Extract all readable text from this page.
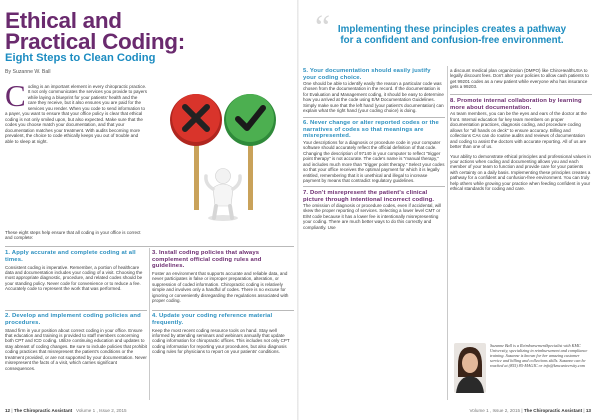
Ethical and
Practical Coding:
Eight Steps to Clean Coding
By Suzanne W. Ball
Coding is an important element in every chiropractic practice. It not only communicates the services you provide to payers while laying a blueprint for your patients' health and the care they receive, but it also ensures you are paid for the services you render. When you code to send information to a payer, you want to ensure that your office policy is clear that ethical coding is not only smiled upon, but also expected. Make sure that the codes you choose match your documentation, and that your documentation matches your treatment. With audits becoming more prevalent, the choice to code ethically keeps you out of trouble and able to sleep at night.
These eight steps help ensure that all coding in your office is correct and complete:
1. Apply accurate and complete coding at all times.
Consistent coding is imperative. Remember, a portion of healthcare data and documentation includes your coding of a visit. Choosing the most appropriate diagnostic, procedure, and related codes should be your standing policy. Never code for convenience or to reduce a fee. Accurately code to represent the work that was performed.
2. Develop and implement coding policies and procedures.
Stand firm in your position about correct coding in your office. Ensure that education and training is provided to staff members concerning both CPT and ICD coding. Utilize continuing education and updates to stay abreast of coding changes. Be sure to include policies that prohibit coding practices that misrepresent the patient's conditions or the treatment provided, or are not supported by your documentation. Never misrepresent the facts of a visit, which carries significant consequences.
3. Install coding policies that always complement official coding rules and guidelines.
Foster an environment that supports accurate and reliable data, and never participates in false or improper preparation, alteration, or suppression of coded information. Chiropractic coding is relatively simple and involves only a handful of codes. There is no excuse for ignoring or conveniently disregarding the regulations associated with proper coding.
4. Update your coding reference material frequently.
Keep the most recent coding resource tools on hand. Stay well informed by attending seminars and webinars annually that update coding information for chiropractic offices. This includes not only CPT coding information for reporting your procedures, but also diagnosis coding rules for physicians to report on your patients' conditions.
12 | The Chiropractic Assistant Volume 1 , Issue 2, 2015
“ Implementing these principles creates a pathway for a confident and confusion-free environment.
5. Your documentation should easily justify your coding choice.
One should be able to identify easily the reason a particular code was chosen from the documentation in the record. If the documentation is for Evaluation and Management coding, it should be easy to determine how you arrived at the code using E/M Documentation Guidelines. Simply make sure that the left hand (your patient's documentation) can explain what the right hand (your coding choice) is doing.
6. Never change or alter reported codes or the narratives of codes so that meanings are misrepresented.
Your descriptions for a diagnosis or procedure code in your computer software should accurately reflect the official definition of that code. Changing the description of 97140 in your computer to reflect "trigger point therapy" is not accurate. The code's name is "manual therapy," and includes much more than "trigger point therapy." Select your codes so that your office receives the optimal payment for which it is legally entitled, remembering that it is unethical and illegal to increase payment by means that contradict regulatory guidelines.
7. Don't misrepresent the patient's clinical picture through intentional incorrect coding.
The omission of diagnosis or procedure codes, even if accidental, will skew the proper reporting of services. Selecting a lower level CMT or E/M code because it has a lower fee is intentionally misrepresenting your coding. There are much better ways to do this correctly and compliantly. Use
a discount medical plan organization (DMPO) like ChiroHealthUSA to legally discount fees. Don't alter your policies to allow cash patients to get 99201 codes as a new patient while everyone who has insurance gets a 99203.
8. Promote internal collaboration by learning more about documentation.
As team members, you can be the eyes and ears of the doctor at the front. Internal education for key team members on proper documentation practices, diagnosis coding, and procedure coding allows for "all hands on deck" to ensure accuracy. Billing and collections CAs can do routine audits and reviews of documentation and coding to assist the doctors with accurate reporting. All of us are better than one of us.
Your ability to demonstrate ethical principles and professional values in your actions when coding and documenting allows you and each member of your team to function and provide care for your patients with certainty on a daily basis. Implementing these principles creates a pathway for a confident and confusion-free environment. You can truly help others while growing your practice when feeding confident in your ethical standards for coding and care.
Suzanne Ball is a ReimbursementSpecialist with KMC University, specializing in reimbursement and compliance training. Suzanne is known for her amazing customer service and billing and collections skills. Suzanne can be reached at (855) 85-MAGIC or info@kmcuniversity.com
Volume 1 , Issue 2, 2015 | The Chiropractic Assistant | 13
